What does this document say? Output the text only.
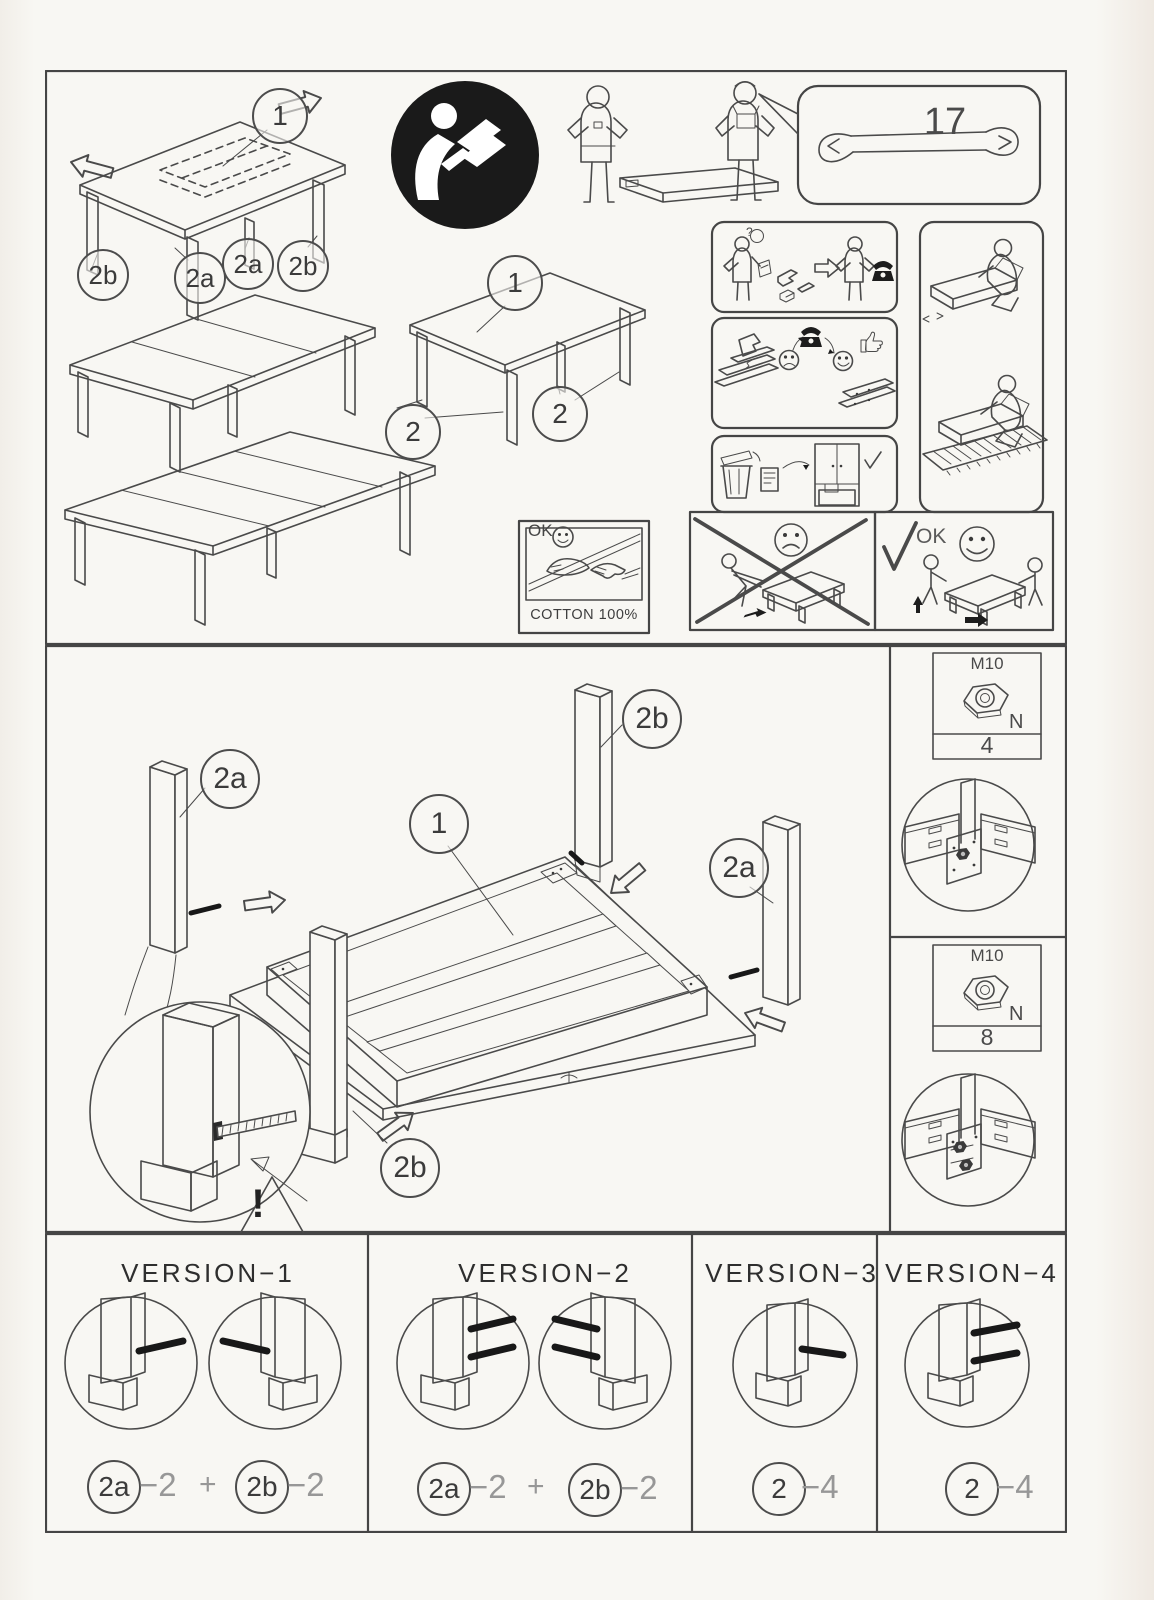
1
2b	2a 2a	2b
17
1
2
2
?
OK
COTTON 100%
OK
2a
2b
2a
2b
1
!
M10
N
4
M10
N
8
VERSION−1	VERSION−2	VERSION−3 VERSION−4
2a −2 +	2b −2	2a −2 +	2b −2	2 −4	2 −4
